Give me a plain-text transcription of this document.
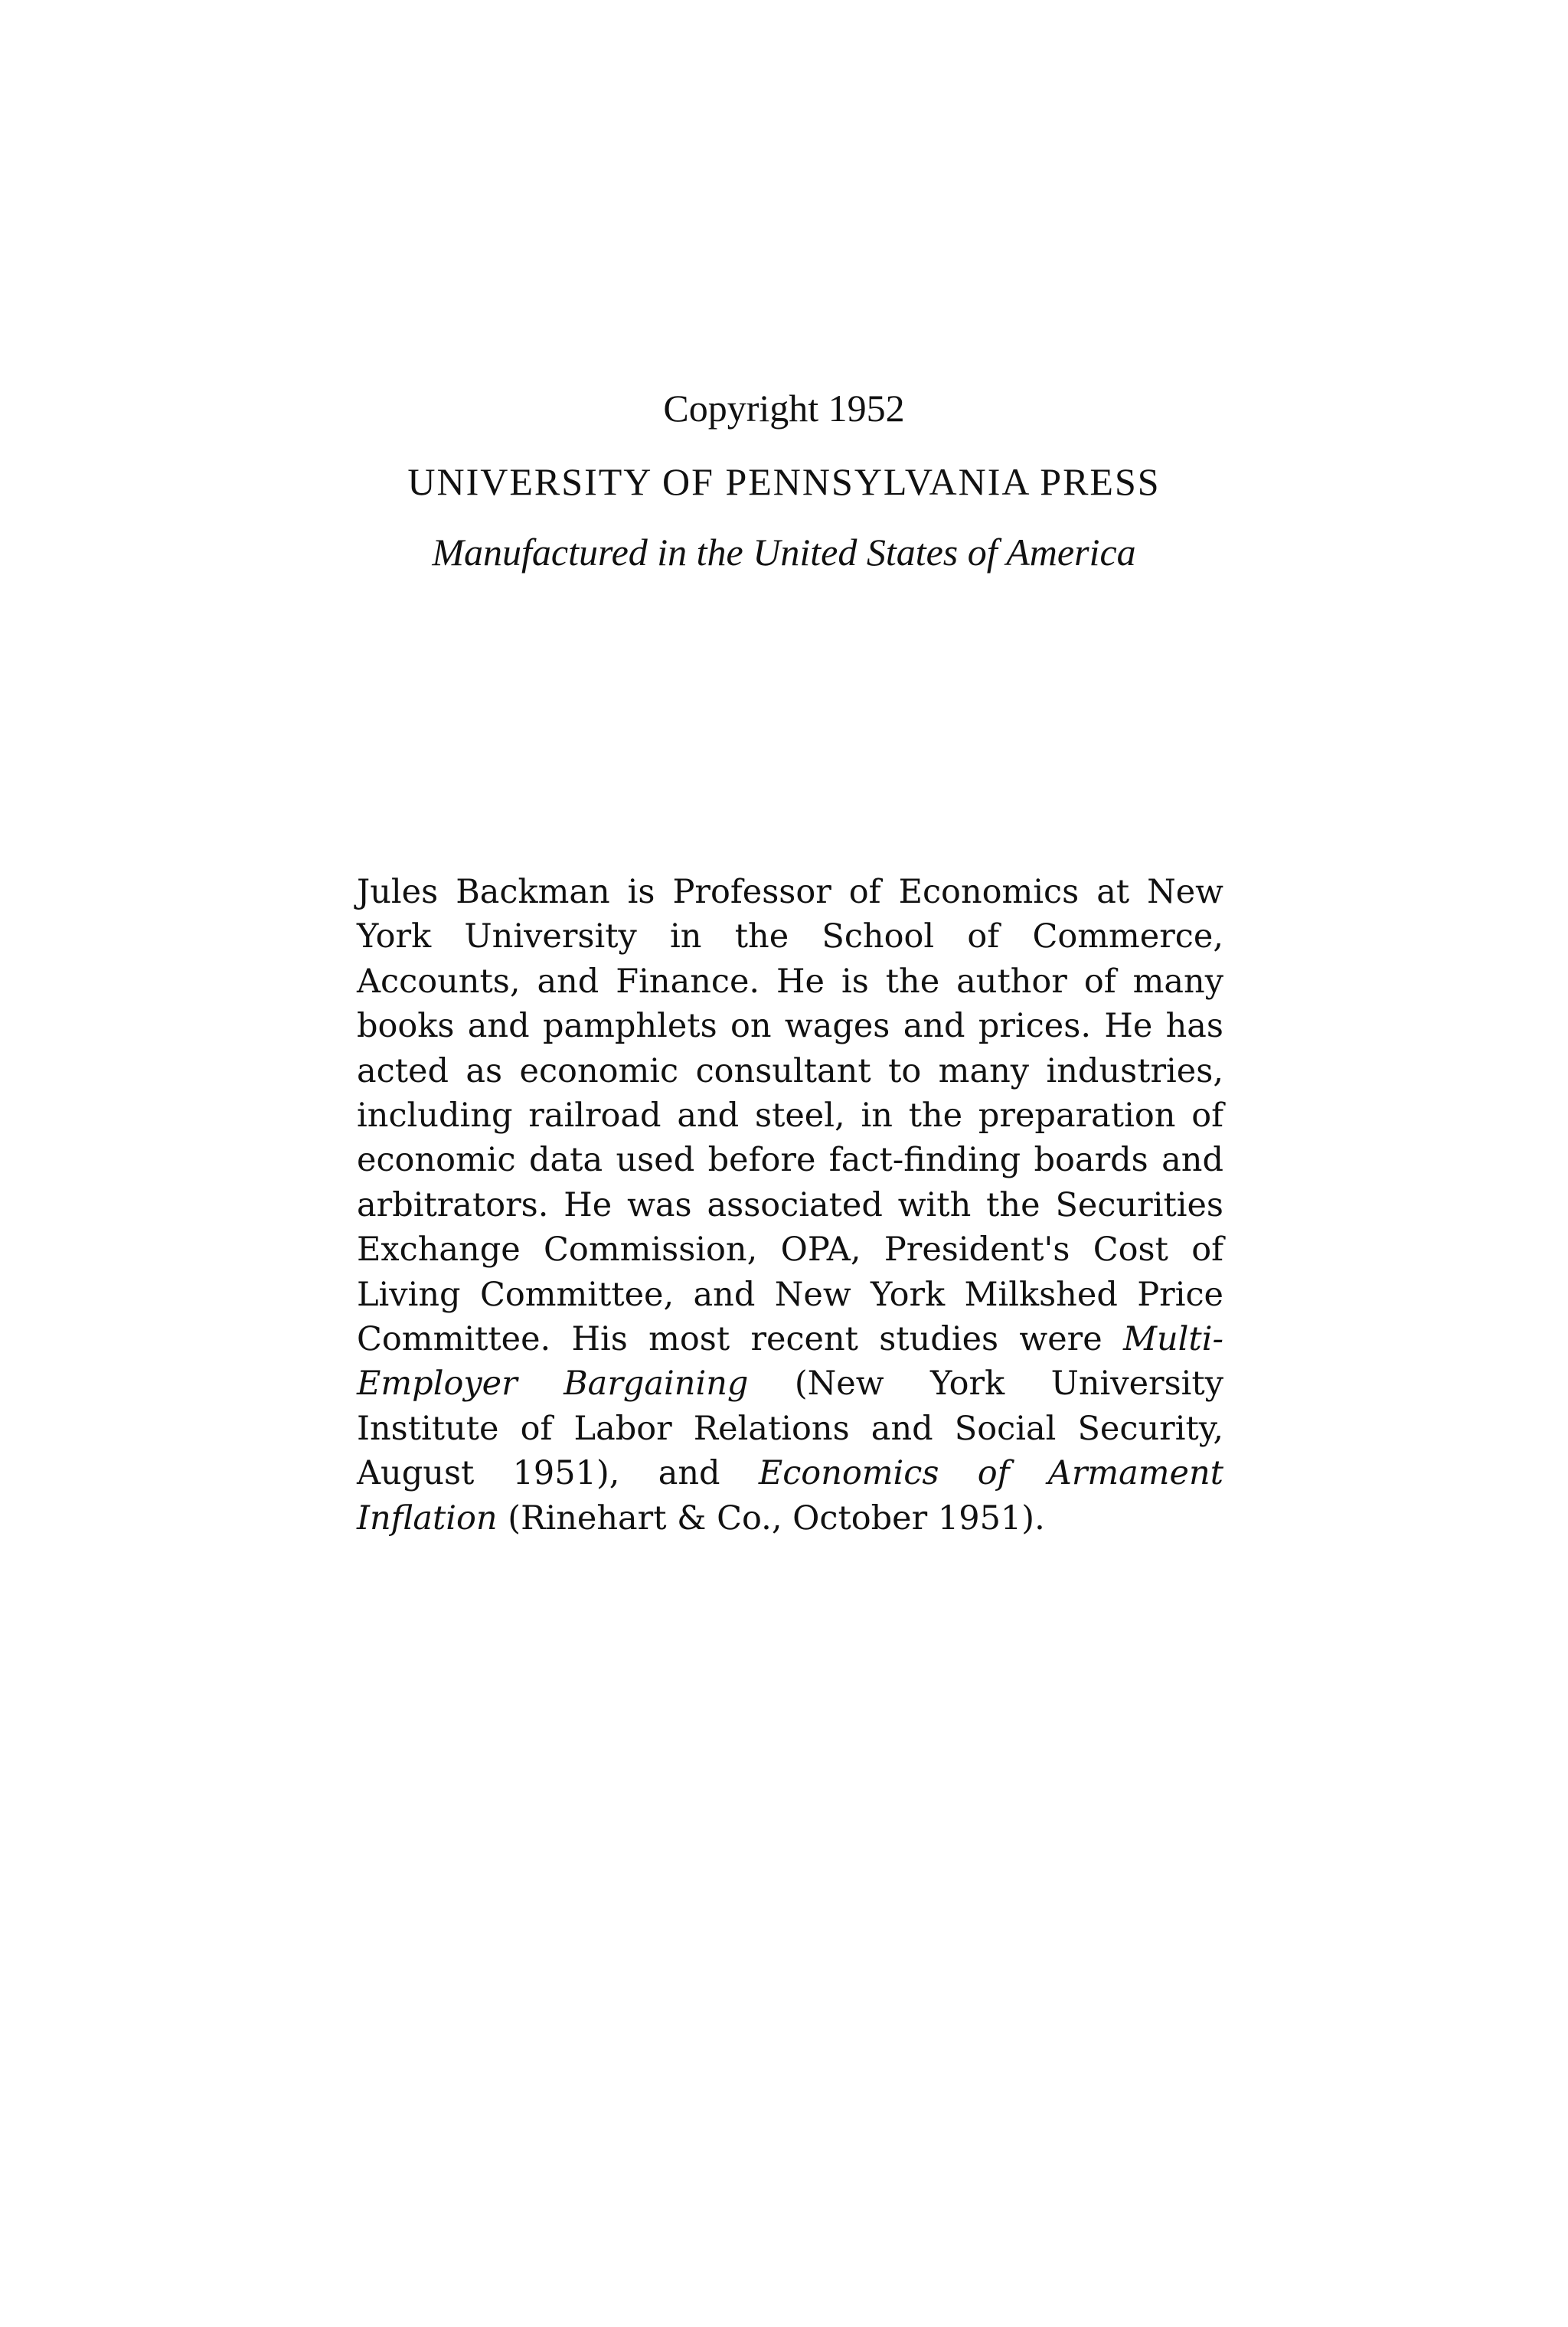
Copyright 1952
UNIVERSITY OF PENNSYLVANIA PRESS
Manufactured in the United States of America

Jules Backman is Professor of Economics at New York University in the School of Commerce, Accounts, and Finance. He is the author of many books and pamphlets on wages and prices. He has acted as economic consultant to many industries, including railroad and steel, in the preparation of economic data used before fact-finding boards and arbitrators. He was associated with the Securities Exchange Commission, OPA, President's Cost of Living Committee, and New York Milkshed Price Committee. His most recent studies were Multi-Employer Bargaining (New York University Institute of Labor Relations and Social Security, August 1951), and Economics of Armament Inflation (Rinehart & Co., October 1951).
